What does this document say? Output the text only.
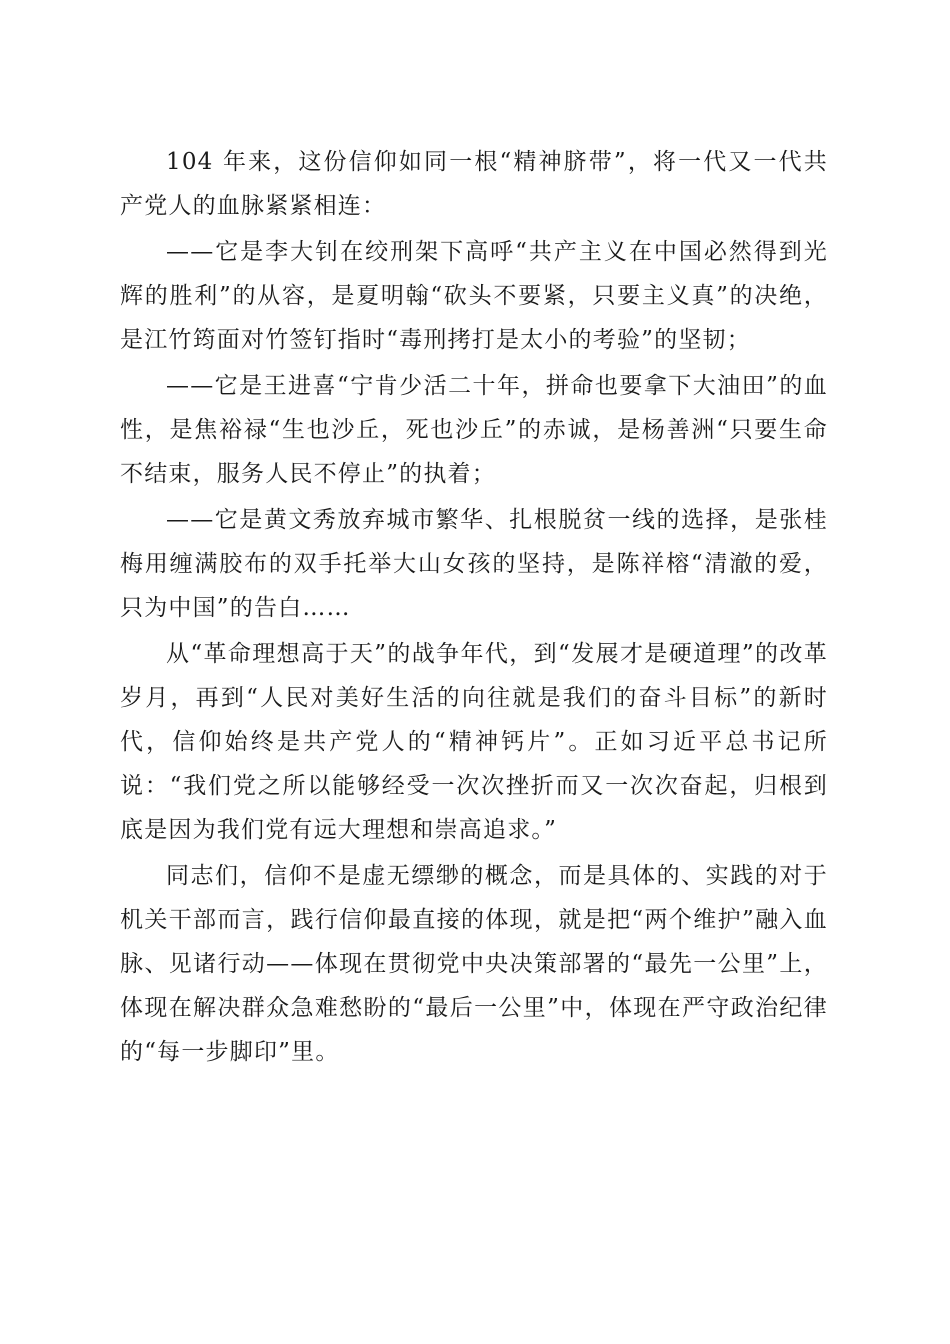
104 年来，这份信仰如同一根“精神脐带”，将一代又一代共产党人的血脉紧紧相连：

——它是李大钊在绞刑架下高呼“共产主义在中国必然得到光辉的胜利”的从容，是夏明翰“砍头不要紧，只要主义真”的决绝，是江竹筠面对竹签钉指时“毒刑拷打是太小的考验”的坚韧；

——它是王进喜“宁肯少活二十年，拼命也要拿下大油田”的血性，是焦裕禄“生也沙丘，死也沙丘”的赤诚，是杨善洲“只要生命不结束，服务人民不停止”的执着；

——它是黄文秀放弃城市繁华、扎根脱贫一线的选择，是张桂梅用缠满胶布的双手托举大山女孩的坚持，是陈祥榕“清澈的爱，只为中国”的告白……

从“革命理想高于天”的战争年代，到“发展才是硬道理”的改革岁月，再到“人民对美好生活的向往就是我们的奋斗目标”的新时代，信仰始终是共产党人的“精神钙片”。正如习近平总书记所说：“我们党之所以能够经受一次次挫折而又一次次奋起，归根到底是因为我们党有远大理想和崇高追求。”

同志们，信仰不是虚无缥缈的概念，而是具体的、实践的对于机关干部而言，践行信仰最直接的体现，就是把“两个维护”融入血脉、见诸行动——体现在贯彻党中央决策部署的“最先一公里”上，体现在解决群众急难愁盼的“最后一公里”中，体现在严守政治纪律的“每一步脚印”里。
